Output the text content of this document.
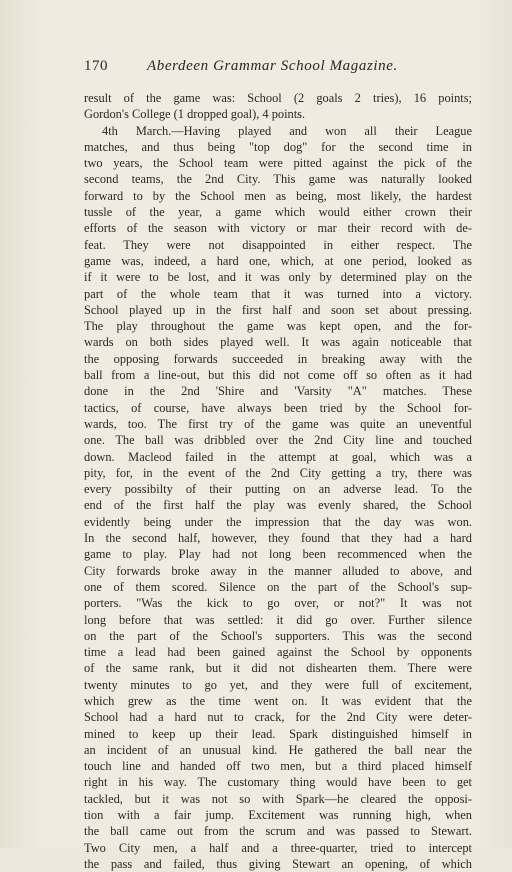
170	Aberdeen Grammar School Magazine.
result of the game was: School (2 goals 2 tries), 16 points;
Gordon's College (1 dropped goal), 4 points.
4th March.—Having played and won all their League
matches, and thus being "top dog" for the second time in
two years, the School team were pitted against the pick of the
second teams, the 2nd City. This game was naturally looked
forward to by the School men as being, most likely, the hardest
tussle of the year, a game which would either crown their
efforts of the season with victory or mar their record with de-
feat. They were not disappointed in either respect. The
game was, indeed, a hard one, which, at one period, looked as
if it were to be lost, and it was only by determined play on the
part of the whole team that it was turned into a victory.
School played up in the first half and soon set about pressing.
The play throughout the game was kept open, and the for-
wards on both sides played well. It was again noticeable that
the opposing forwards succeeded in breaking away with the
ball from a line-out, but this did not come off so often as it had
done in the 2nd 'Shire and 'Varsity "A" matches. These
tactics, of course, have always been tried by the School for-
wards, too. The first try of the game was quite an uneventful
one. The ball was dribbled over the 2nd City line and touched
down. Macleod failed in the attempt at goal, which was a
pity, for, in the event of the 2nd City getting a try, there was
every possibilty of their putting on an adverse lead. To the
end of the first half the play was evenly shared, the School
evidently being under the impression that the day was won.
In the second half, however, they found that they had a hard
game to play. Play had not long been recommenced when the
City forwards broke away in the manner alluded to above, and
one of them scored. Silence on the part of the School's sup-
porters. "Was the kick to go over, or not?" It was not
long before that was settled: it did go over. Further silence
on the part of the School's supporters. This was the second
time a lead had been gained against the School by opponents
of the same rank, but it did not dishearten them. There were
twenty minutes to go yet, and they were full of excitement,
which grew as the time went on. It was evident that the
School had a hard nut to crack, for the 2nd City were deter-
mined to keep up their lead. Spark distinguished himself in
an incident of an unusual kind. He gathered the ball near the
touch line and handed off two men, but a third placed himself
right in his way. The customary thing would have been to get
tackled, but it was not so with Spark—he cleared the opposi-
tion with a fair jump. Excitement was running high, when
the ball came out from the scrum and was passed to Stewart.
Two City men, a half and a three-quarter, tried to intercept
the pass and failed, thus giving Stewart an opening, of which
